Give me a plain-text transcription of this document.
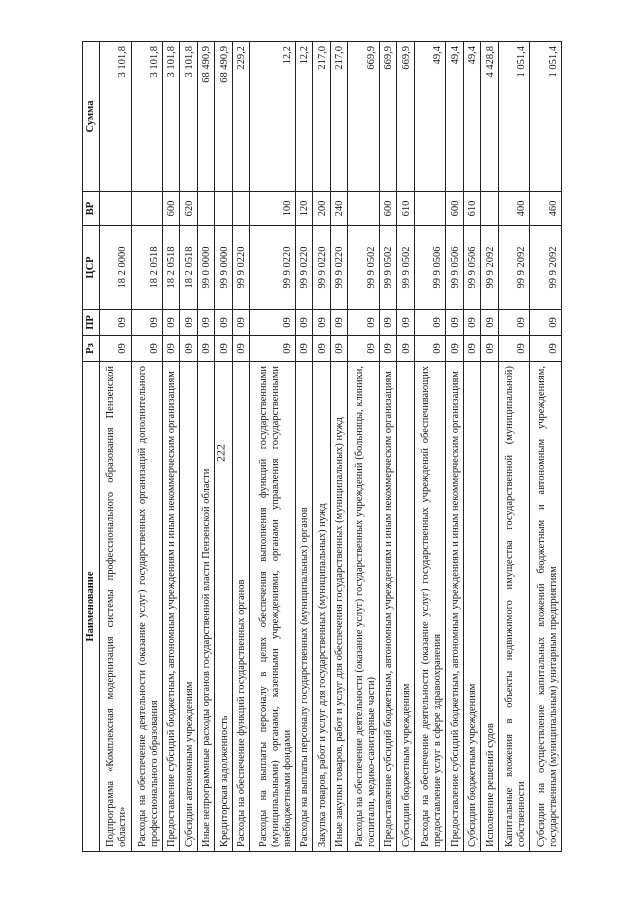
222
Наименование	Рз	ПР	ЦСР	ВР	Сумма
Подпрограмма «Комплексная модернизация системы профессионального образования Пензенской области»	09	09	18 2 0000		3 101,8
Расходы на обеспечение деятельности (оказание услуг) государственных организаций дополнительного профессионального образования	09	09	18 2 0518		3 101,8
Предоставление субсидий бюджетным, автономным учреждениям и иным некоммерческим организациям	09	09	18 2 0518	600	3 101,8
Субсидии автономным учреждениям	09	09	18 2 0518	620	3 101,8
Иные непрограммные расходы органов государственной власти Пензенской области	09	09	99 0 0000		68 490,9
Кредиторская задолженность	09	09	99 9 0000		68 490,9
Расходы на обеспечение функций государственных органов	09	09	99 9 0220		229,2
Расходы на выплаты персоналу в целях обеспечения выполнения функций государственными (муниципальными) органами, казенными учреждениями, органами управления государственными внебюджетными фондами	09	09	99 9 0220	100	12,2
Расходы на выплаты персоналу государственных (муниципальных) органов	09	09	99 9 0220	120	12,2
Закупка товаров, работ и услуг для государственных (муниципальных) нужд	09	09	99 9 0220	200	217,0
Иные закупки товаров, работ и услуг для обеспечения государственных (муниципальных) нужд	09	09	99 9 0220	240	217,0
Расходы на обеспечение деятельности (оказание услуг) государственных учреждений (больницы, клиники, госпитали, медико-санитарные части)	09	09	99 9 0502		669,9
Предоставление субсидий бюджетным, автономным учреждениям и иным некоммерческим организациям	09	09	99 9 0502	600	669,9
Субсидии бюджетным учреждениям	09	09	99 9 0502	610	669,9
Расходы на обеспечение деятельности (оказание услуг) государственных учреждений обеспечивающих предоставление услуг в сфере здравоохранения	09	09	99 9 0506		49,4
Предоставление субсидий бюджетным, автономным учреждениям и иным некоммерческим организациям	09	09	99 9 0506	600	49,4
Субсидии бюджетным учреждениям	09	09	99 9 0506	610	49,4
Исполнение решений судов	09	09	99 9 2092		4 428,8
Капитальные вложения в объекты недвижимого имущества государственной (муниципальной) собственности	09	09	99 9 2092	400	1 051,4
Субсидии на осуществление капитальных вложений бюджетным и автономным учреждениям, государственным (муниципальным) унитарным предприятиям	09	09	99 9 2092	460	1 051,4
